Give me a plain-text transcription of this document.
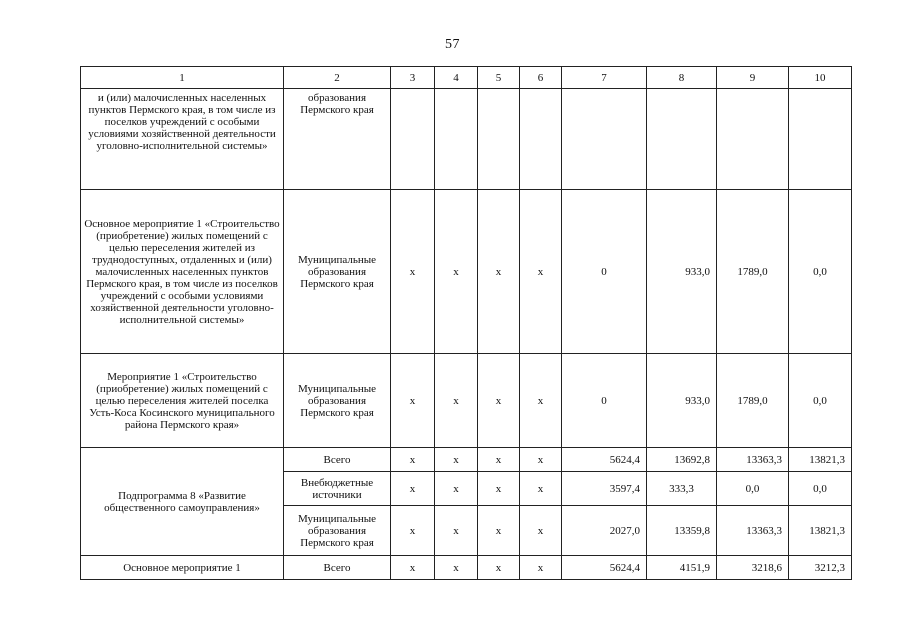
57
1	2	3	4	5	6	7	8	9	10
и (или) малочисленных населенных пунктов Пермского края, в том числе из поселков учреждений с особыми условиями хозяйственной деятельности уголовно-исполнительной системы»	образования Пермского края								
Основное мероприятие 1 «Строительство (приобретение) жилых помещений с целью переселения жителей из труднодоступных, отдаленных и (или) малочисленных населенных пунктов Пермского края, в том числе из поселков учреждений с особыми условиями хозяйственной деятельности уголовно-исполнительной системы»	Муниципальные образования Пермского края	x	x	x	x	0	933,0	1789,0	0,0
Мероприятие 1 «Строительство (приобретение) жилых помещений с целью переселения жителей поселка Усть-Коса Косинского муниципального района Пермского края»	Муниципальные образования Пермского края	x	x	x	x	0	933,0	1789,0	0,0
Подпрограмма 8 «Развитие общественного самоуправления»	Всего	x	x	x	x	5624,4	13692,8	13363,3	13821,3
	Внебюджетные источники	x	x	x	x	3597,4	333,3	0,0	0,0
	Муниципальные образования Пермского края	x	x	x	x	2027,0	13359,8	13363,3	13821,3
Основное мероприятие 1	Всего	x	x	x	x	5624,4	4151,9	3218,6	3212,3
